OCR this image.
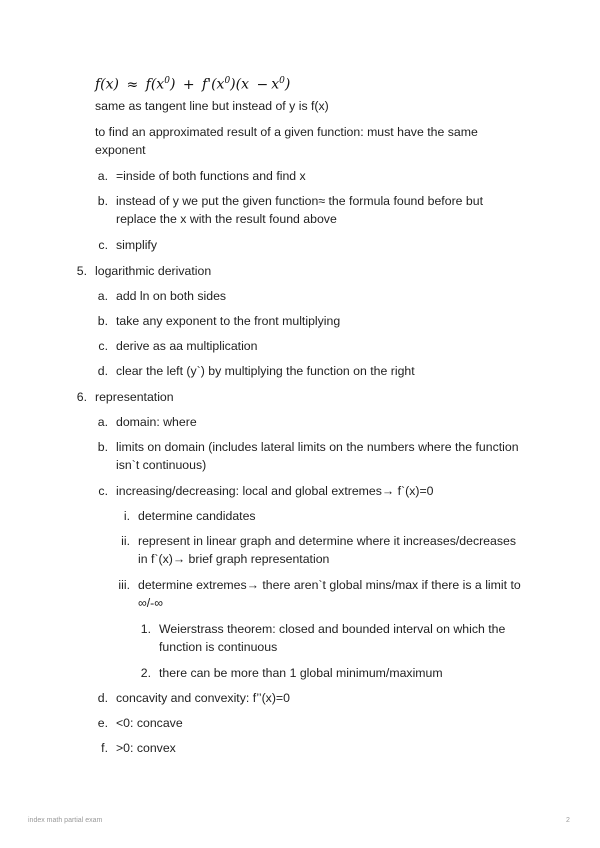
$f(x) \approx f(x^0) + f'(x^0)(x - x^0)$
same as tangent line but instead of y is f(x)
to find an approximated result of a given function: must have the same exponent
a. =inside of both functions and find x
b. instead of y we put the given function≈ the formula found before but replace the x with the result found above
c. simplify
5. logarithmic derivation
a. add ln on both sides
b. take any exponent to the front multiplying
c. derive as aa multiplication
d. clear the left (y`) by multiplying the function on the right
6. representation
a. domain: where
b. limits on domain (includes lateral limits on the numbers where the function isn`t continuous)
c. increasing/decreasing: local and global extremes→ f`(x)=0
i. determine candidates
ii. represent in linear graph and determine where it increases/decreases in f`(x)→ brief graph representation
iii. determine extremes→ there aren`t global mins/max if there is a limit to ∞/-∞
1. Weierstrass theorem: closed and bounded interval on which the function is continuous
2. there can be more than 1 global minimum/maximum
d. concavity and convexity: f’’(x)=0
e. <0: concave
f. >0: convex
index math partial exam	2
